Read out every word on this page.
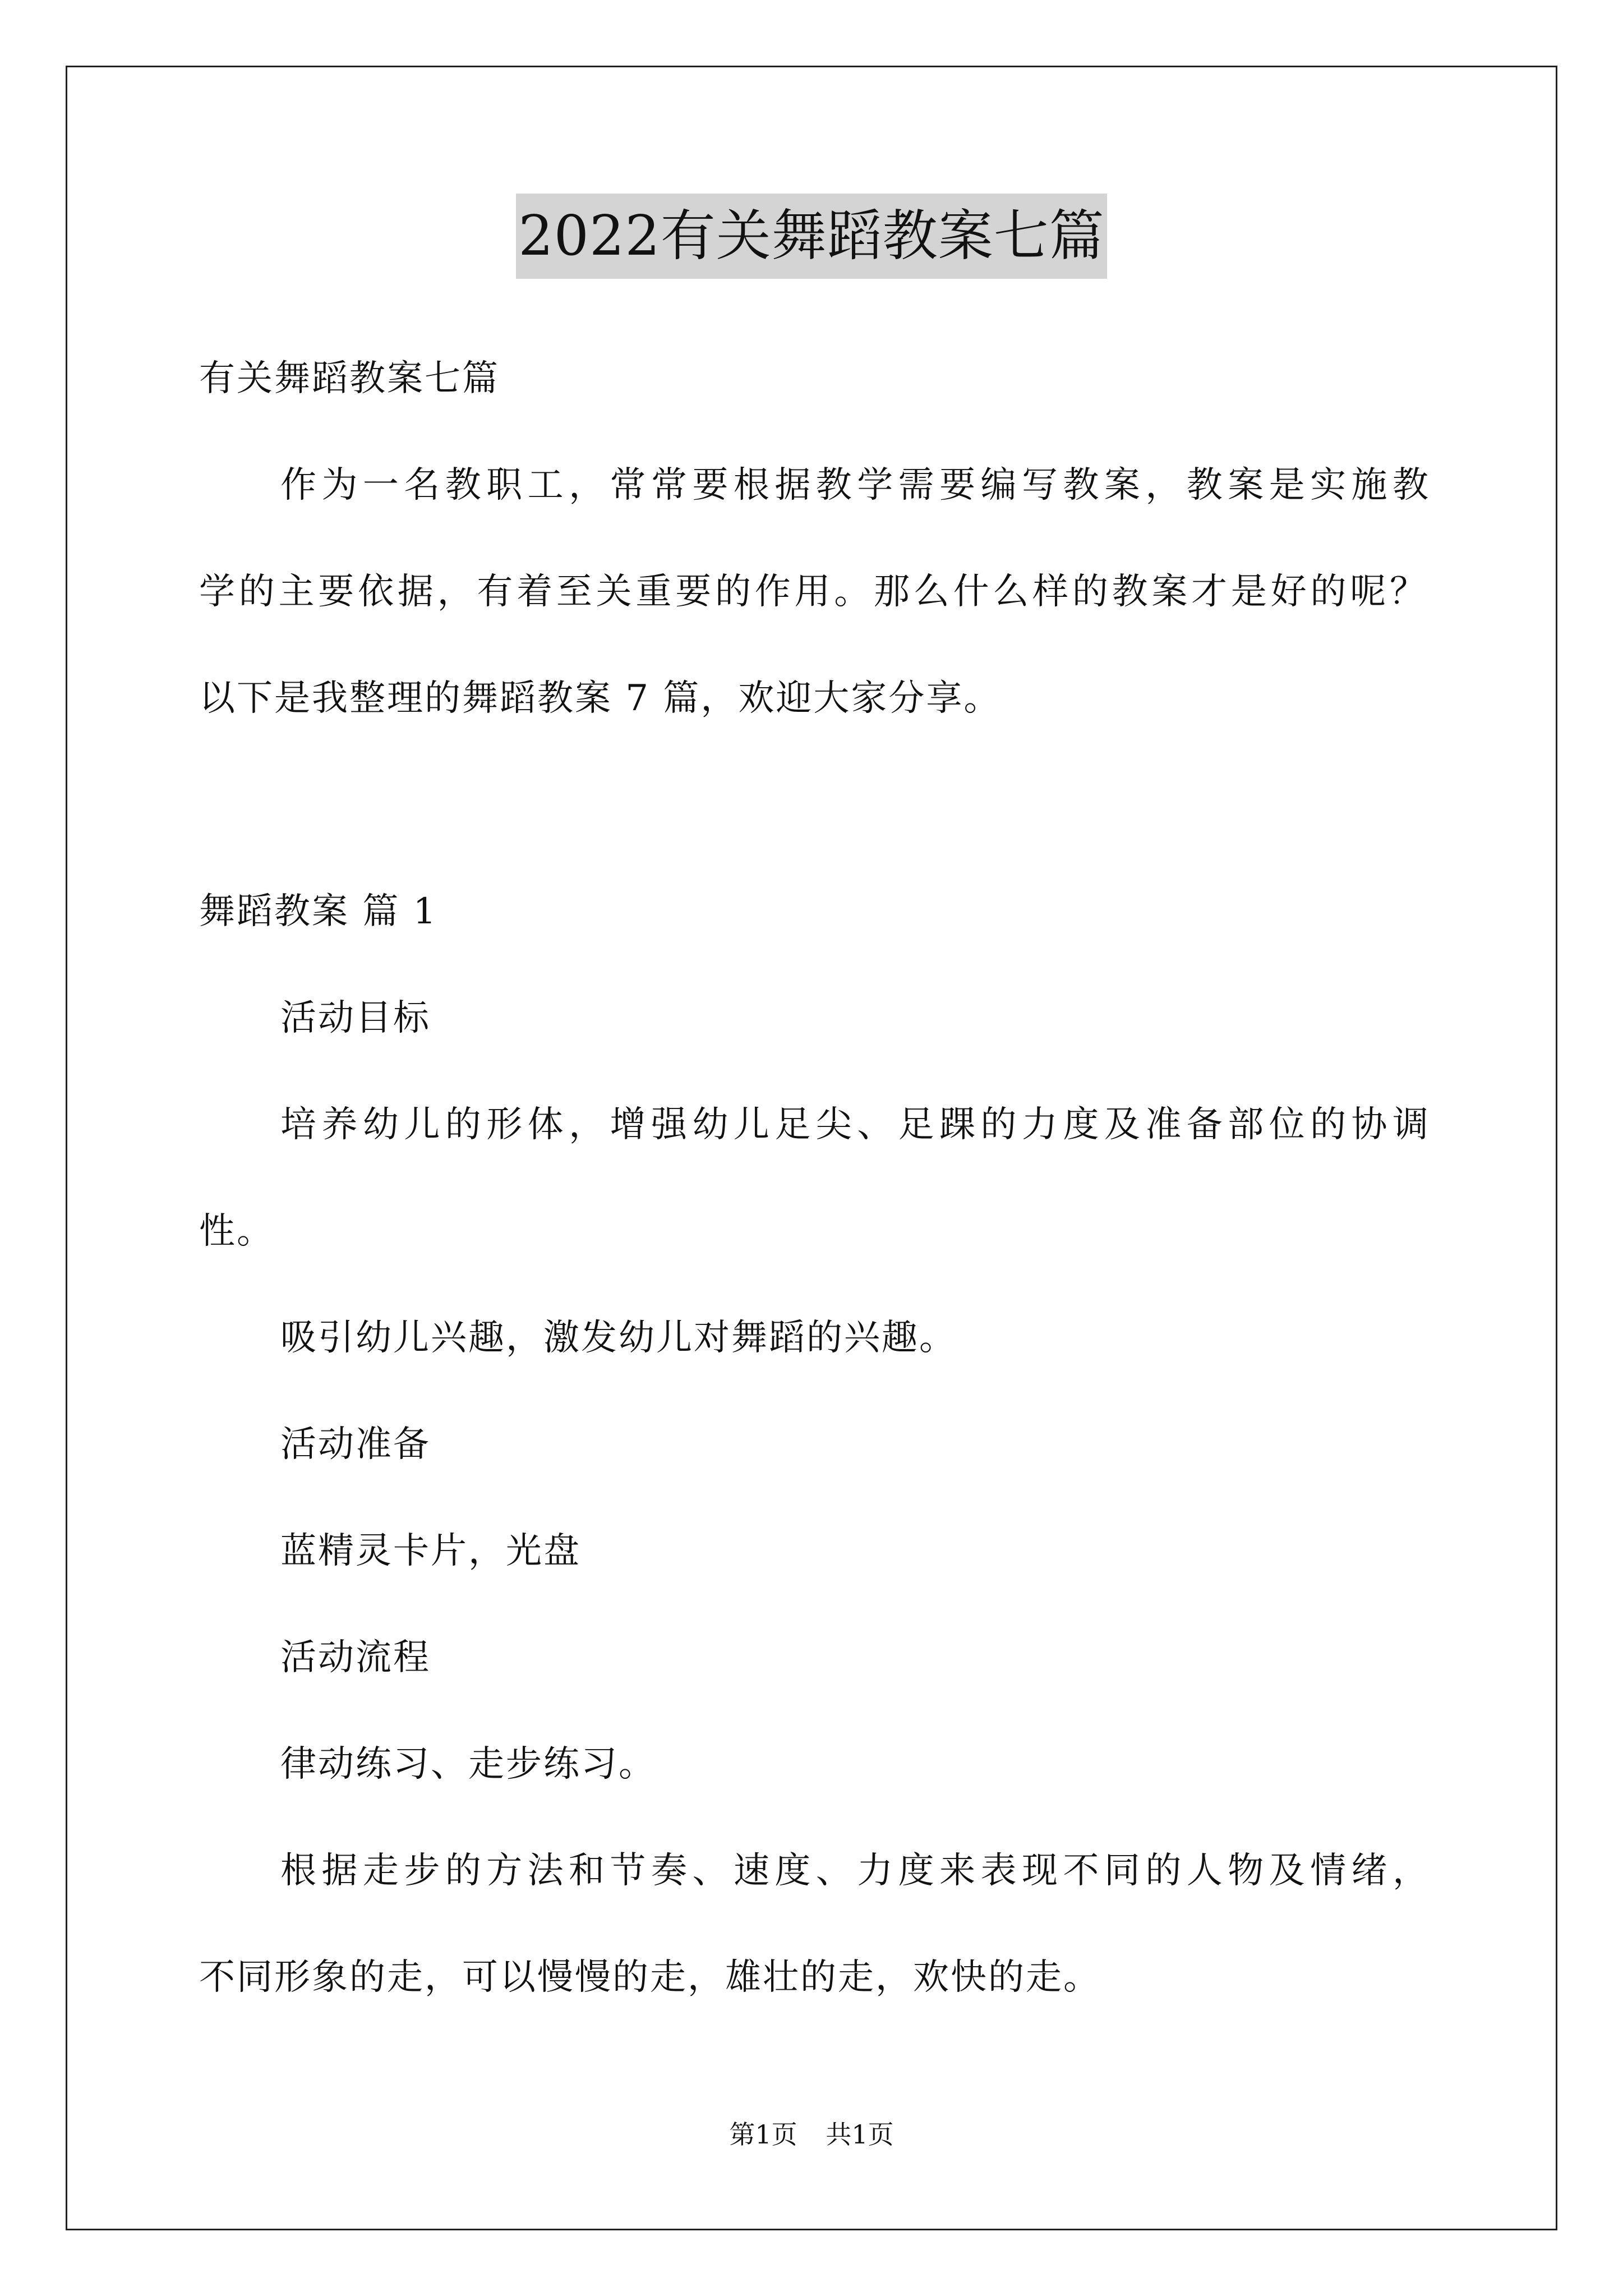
2022有关舞蹈教案七篇
有关舞蹈教案七篇
作为一名教职工，常常要根据教学需要编写教案，教案是实施教
学的主要依据，有着至关重要的作用。那么什么样的教案才是好的呢？
以下是我整理的舞蹈教案 7 篇，欢迎大家分享。
舞蹈教案 篇 1
活动目标
培养幼儿的形体，增强幼儿足尖、足踝的力度及准备部位的协调
性。
吸引幼儿兴趣，激发幼儿对舞蹈的兴趣。
活动准备
蓝精灵卡片，光盘
活动流程
律动练习、走步练习。
根据走步的方法和节奏、速度、力度来表现不同的人物及情绪，
不同形象的走，可以慢慢的走，雄壮的走，欢快的走。
第1页 共1页
